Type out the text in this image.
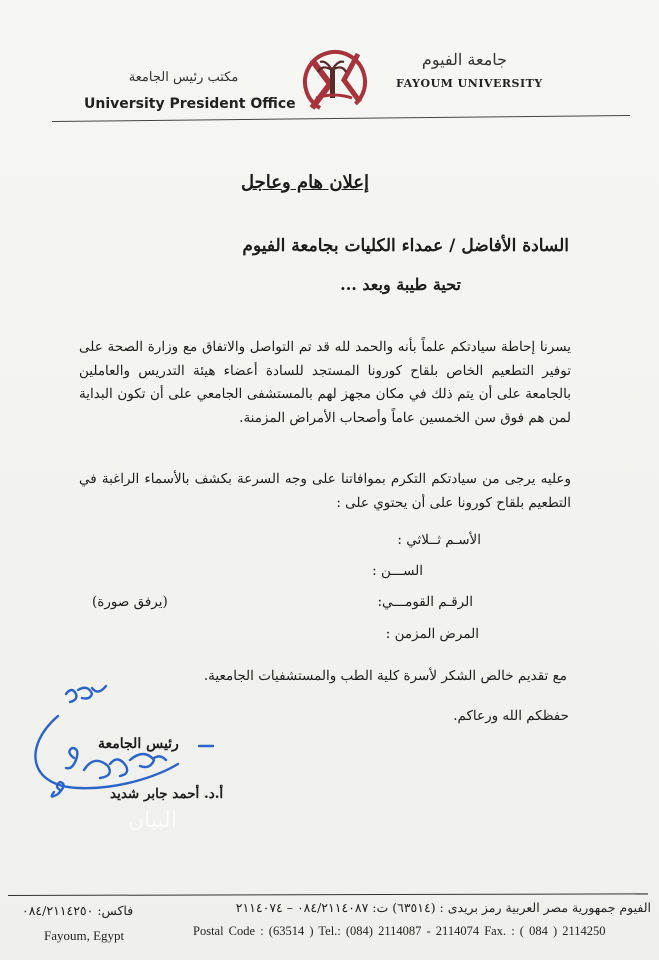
مكتب رئيس الجامعة
University President Office
جامعة الفيوم
FAYOUM UNIVERSITY
إعلان هام وعاجل
السادة الأفاضل / عمداء الكليات بجامعة الفيوم
تحية طيبة وبعد ...
يسرنا إحاطة سيادتكم علماً بأنه والحمد لله قد تم التواصل والاتفاق مع وزارة الصحة على توفير التطعيم الخاص بلقاح كورونا المستجد للسادة أعضاء هيئة التدريس والعاملين بالجامعة على أن يتم ذلك في مكان مجهز لهم بالمستشفى الجامعي على أن تكون البداية لمن هم فوق سن الخمسين عاماً وأصحاب الأمراض المزمنة.
وعليه يرجى من سيادتكم التكرم بموافاتنا على وجه السرعة بكشف بالأسماء الراغبة في التطعيم بلقاح كورونا على أن يحتوي على :
الأسـم ثــلاثي :
الســـن :
الرقـم القومـــي:
(يرفق صورة)
المرض المزمن :
مع تقديم خالص الشكر لأسرة كلية الطب والمستشفيات الجامعية.
حفظكم الله ورعاكم.
رئيس الجامعة
أ.د. أحمد جابر شديد
البيان
الفيوم جمهورية مصر العربية رمز بريدى : (٦٣٥١٤) ت: ٠٨٤/٢١١٤٠٨٧ – ٢١١٤٠٧٤
فاكس: ٠٨٤/٢١١٤٢٥٠
Fayoum, Egypt	Postal Code : (63514 ) Tel.: (084) 2114087 - 2114074 Fax. : ( 084 ) 2114250
